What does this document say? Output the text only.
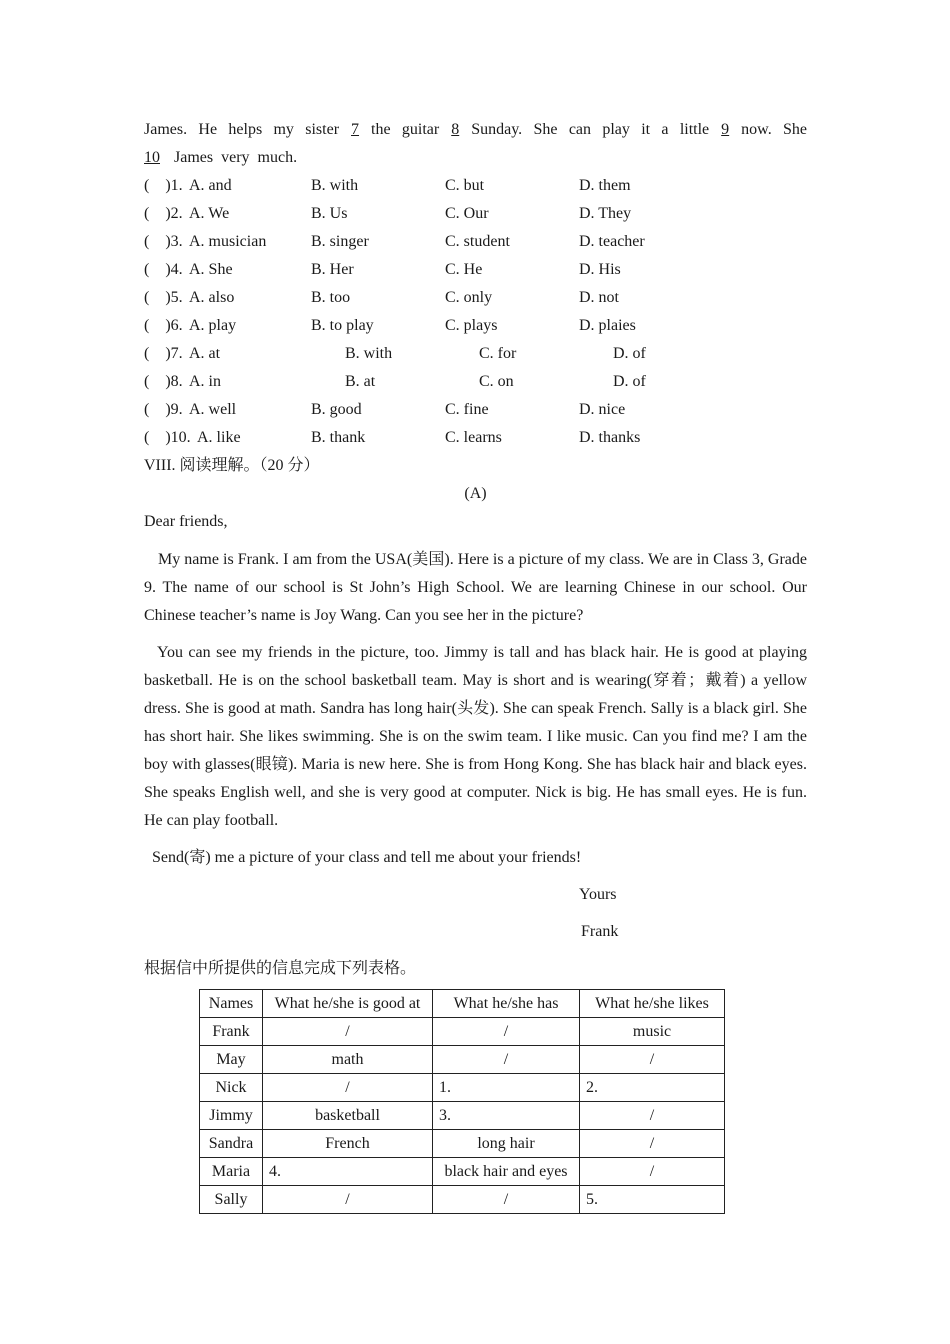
James. He helps my sister 7 the guitar 8 Sunday. She can play it a little 9 now. She
10 James very much.
(　)1. A. and	B. with	C. but	D. them
(　)2. A. We	B. Us	C. Our	D. They
(　)3. A. musician	B. singer	C. student	D. teacher
(　)4. A. She	B. Her	C. He	D. His
(　)5. A. also	B. too	C. only	D. not
(　)6. A. play	B. to play	C. plays	D. plaies
(　)7. A. at	B. with	C. for	D. of
(　)8. A. in	B. at	C. on	D. of
(　)9. A. well	B. good	C. fine	D. nice
(　)10. A. like	B. thank	C. learns	D. thanks
VIII. 阅读理解。（20 分）
(A)
Dear friends,

My name is Frank. I am from the USA(美国). Here is a picture of my class. We are in Class 3, Grade 9. The name of our school is St John’s High School. We are learning Chinese in our school. Our Chinese teacher’s name is Joy Wang. Can you see her in the picture?

You can see my friends in the picture, too. Jimmy is tall and has black hair. He is good at playing basketball. He is on the school basketball team. May is short and is wearing(穿着；戴着) a yellow dress. She is good at math. Sandra has long hair(头发). She can speak French. Sally is a black girl. She has short hair. She likes swimming. She is on the swim team. I like music. Can you find me? I am the boy with glasses(眼镜). Maria is new here. She is from Hong Kong. She has black hair and black eyes. She speaks English well, and she is very good at computer. Nick is big. He has small eyes. He is fun. He can play football.

Send(寄) me a picture of your class and tell me about your friends!

Yours
Frank
根据信中所提供的信息完成下列表格。
Names	What he/she is good at	What he/she has	What he/she likes
Frank	/	/	music
May	math	/	/
Nick	/	1.	2.
Jimmy	basketball	3.	/
Sandra	French	long hair	/
Maria	4.	black hair and eyes	/
Sally	/	/	5.
